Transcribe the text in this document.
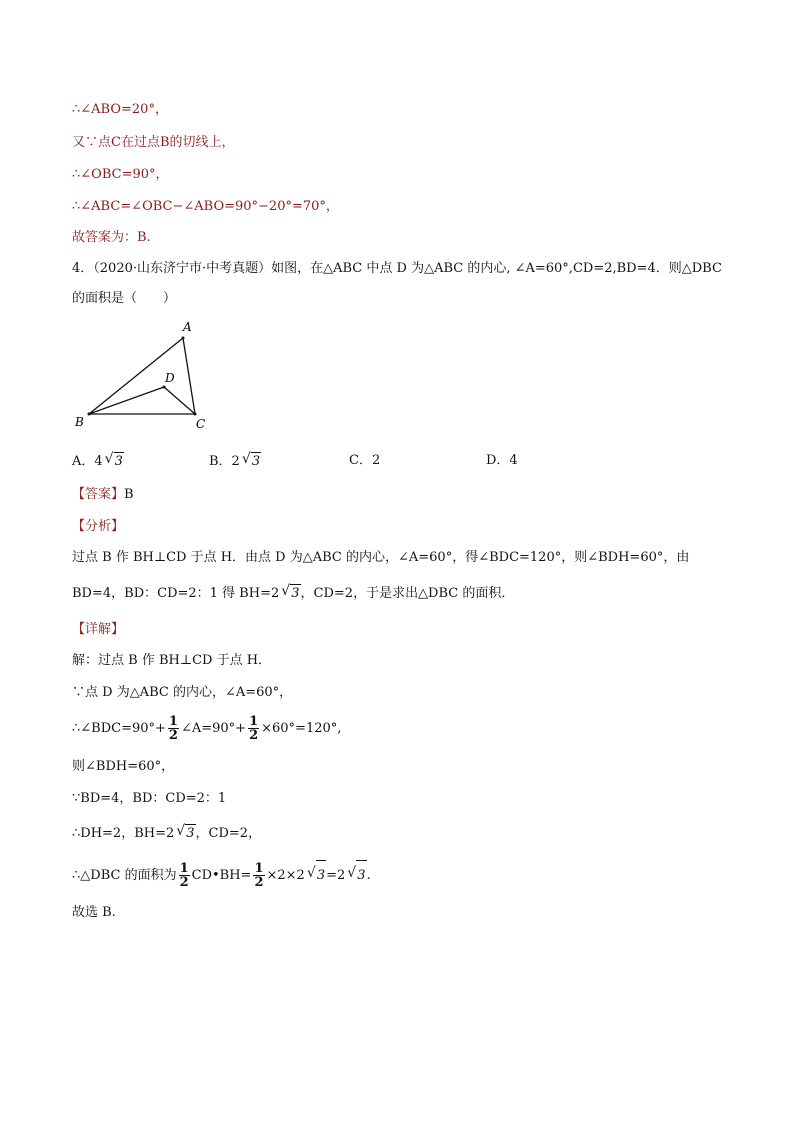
∴∠ABO=20°，
又∵点C在过点B的切线上，
∴∠OBC=90°，
∴∠ABC=∠OBC−∠ABO=90°−20°=70°，
故答案为：B.
4．（2020·山东济宁市·中考真题）如图，在△ABC 中点 D 为△ABC 的内心, ∠A=60°,CD=2,BD=4．则△DBC
的面积是（　　）
A
D
B	C
A．4 √ 3	B．2 √ 3	C．2	D．4
【答案】B
【分析】
过点 B 作 BH⊥CD 于点 H．由点 D 为△ABC 的内心，∠A=60°，得∠BDC=120°，则∠BDH=60°，由
BD=4，BD：CD=2：1 得 BH=2 √ 3，CD=2，于是求出△DBC 的面积．
【详解】
解：过点 B 作 BH⊥CD 于点 H．
∵点 D 为△ABC 的内心，∠A=60°，
∴∠BDC=90°+ $\frac{1}{2}$ ∠A=90°+ $\frac{1}{2} \times 60^\circ=120^\circ$,
则∠BDH=60°，
∵BD=4，BD：CD=2：1
∴DH=2，BH=2 √ 3，CD=2，
∴△DBC 的面积为 $\frac{1}{2}$ CD•BH= $\frac{1}{2} \times 2\times 2$ √ 3=2 √ 3.
故选 B.
